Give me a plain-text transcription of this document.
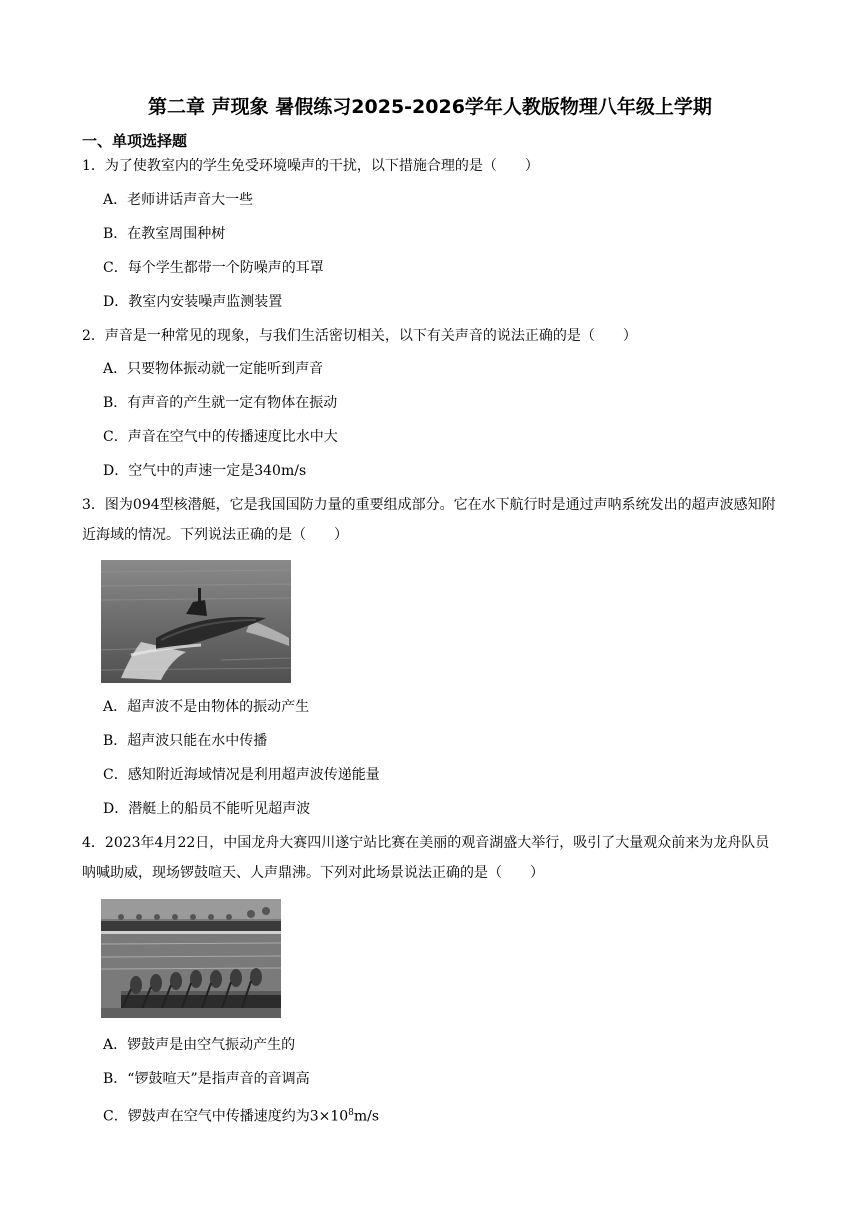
第二章 声现象 暑假练习2025-2026学年人教版物理八年级上学期
一、单项选择题
1．为了使教室内的学生免受环境噪声的干扰，以下措施合理的是（　　）
A．老师讲话声音大一些
B．在教室周围种树
C．每个学生都带一个防噪声的耳罩
D．教室内安装噪声监测装置
2．声音是一种常见的现象，与我们生活密切相关，以下有关声音的说法正确的是（　　）
A．只要物体振动就一定能听到声音
B．有声音的产生就一定有物体在振动
C．声音在空气中的传播速度比水中大
D．空气中的声速一定是340m/s
3．图为094型核潜艇，它是我国国防力量的重要组成部分。它在水下航行时是通过声呐系统发出的超声波感知附近海域的情况。下列说法正确的是（　　）
A．超声波不是由物体的振动产生
B．超声波只能在水中传播
C．感知附近海域情况是利用超声波传递能量
D．潜艇上的船员不能听见超声波
4．2023年4月22日，中国龙舟大赛四川遂宁站比赛在美丽的观音湖盛大举行，吸引了大量观众前来为龙舟队员呐喊助威，现场锣鼓喧天、人声鼎沸。下列对此场景说法正确的是（　　）
A．锣鼓声是由空气振动产生的
B．“锣鼓喧天”是指声音的音调高
C．锣鼓声在空气中传播速度约为$3\times 10^8m/s$
